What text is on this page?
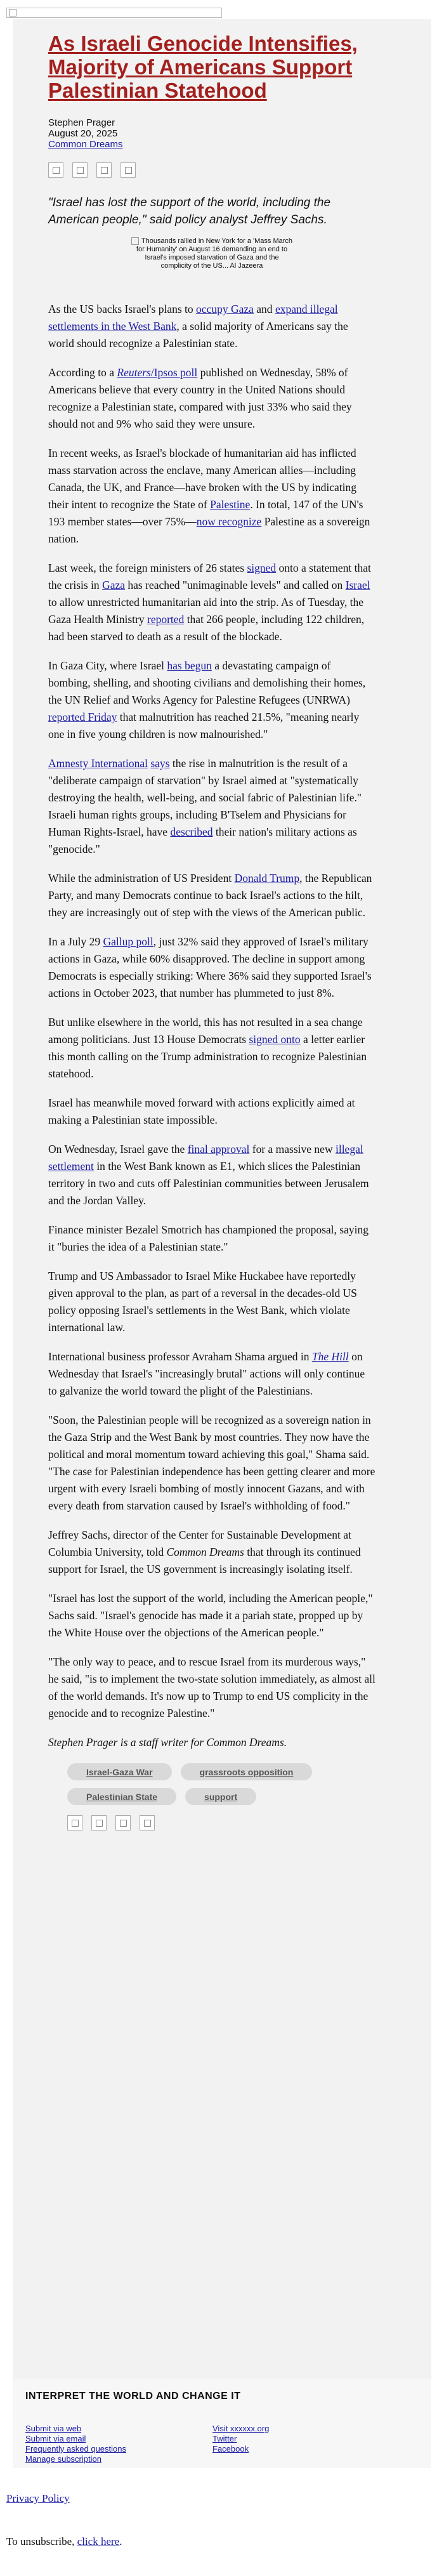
As Israeli Genocide Intensifies, Majority of Americans Support Palestinian Statehood
Stephen Prager
August 20, 2025
Common Dreams
"Israel has lost the support of the world, including the American people," said policy analyst Jeffrey Sachs.
Thousands rallied in New York for a 'Mass March for Humanity' on August 16 demanding an end to Israel's imposed starvation of Gaza and the complicity of the US... Al Jazeera

As the US backs Israel's plans to occupy Gaza and expand illegal settlements in the West Bank, a solid majority of Americans say the world should recognize a Palestinian state.

According to a Reuters/Ipsos poll published on Wednesday, 58% of Americans believe that every country in the United Nations should recognize a Palestinian state, compared with just 33% who said they should not and 9% who said they were unsure.

In recent weeks, as Israel's blockade of humanitarian aid has inflicted mass starvation across the enclave, many American allies—including Canada, the UK, and France—have broken with the US by indicating their intent to recognize the State of Palestine. In total, 147 of the UN's 193 member states—over 75%—now recognize Palestine as a sovereign nation.

Last week, the foreign ministers of 26 states signed onto a statement that the crisis in Gaza has reached "unimaginable levels" and called on Israel to allow unrestricted humanitarian aid into the strip. As of Tuesday, the Gaza Health Ministry reported that 266 people, including 122 children, had been starved to death as a result of the blockade.

In Gaza City, where Israel has begun a devastating campaign of bombing, shelling, and shooting civilians and demolishing their homes, the UN Relief and Works Agency for Palestine Refugees (UNRWA) reported Friday that malnutrition has reached 21.5%, "meaning nearly one in five young children is now malnourished."

Amnesty International says the rise in malnutrition is the result of a "deliberate campaign of starvation" by Israel aimed at "systematically destroying the health, well-being, and social fabric of Palestinian life." Israeli human rights groups, including B'Tselem and Physicians for Human Rights-Israel, have described their nation's military actions as "genocide."

While the administration of US President Donald Trump, the Republican Party, and many Democrats continue to back Israel's actions to the hilt, they are increasingly out of step with the views of the American public.

In a July 29 Gallup poll, just 32% said they approved of Israel's military actions in Gaza, while 60% disapproved. The decline in support among Democrats is especially striking: Where 36% said they supported Israel's actions in October 2023, that number has plummeted to just 8%.

But unlike elsewhere in the world, this has not resulted in a sea change among politicians. Just 13 House Democrats signed onto a letter earlier this month calling on the Trump administration to recognize Palestinian statehood.

Israel has meanwhile moved forward with actions explicitly aimed at making a Palestinian state impossible.

On Wednesday, Israel gave the final approval for a massive new illegal settlement in the West Bank known as E1, which slices the Palestinian territory in two and cuts off Palestinian communities between Jerusalem and the Jordan Valley.

Finance minister Bezalel Smotrich has championed the proposal, saying it "buries the idea of a Palestinian state."

Trump and US Ambassador to Israel Mike Huckabee have reportedly given approval to the plan, as part of a reversal in the decades-old US policy opposing Israel's settlements in the West Bank, which violate international law.

International business professor Avraham Shama argued in The Hill on Wednesday that Israel's "increasingly brutal" actions will only continue to galvanize the world toward the plight of the Palestinians.

"Soon, the Palestinian people will be recognized as a sovereign nation in the Gaza Strip and the West Bank by most countries. They now have the political and moral momentum toward achieving this goal," Shama said. "The case for Palestinian independence has been getting clearer and more urgent with every Israeli bombing of mostly innocent Gazans, and with every death from starvation caused by Israel's withholding of food."

Jeffrey Sachs, director of the Center for Sustainable Development at Columbia University, told Common Dreams that through its continued support for Israel, the US government is increasingly isolating itself.

"Israel has lost the support of the world, including the American people," Sachs said. "Israel's genocide has made it a pariah state, propped up by the White House over the objections of the American people."

"The only way to peace, and to rescue Israel from its murderous ways," he said, "is to implement the two-state solution immediately, as almost all of the world demands. It's now up to Trump to end US complicity in the genocide and to recognize Palestine."

Stephen Prager is a staff writer for Common Dreams.

Israel-Gaza War	grassroots opposition
Palestinian State	support
INTERPRET THE WORLD AND CHANGE IT
Submit via web
Submit via email
Frequently asked questions
Manage subscription
Visit xxxxxx.org
Twitter
Facebook
Privacy Policy
To unsubscribe, click here.
